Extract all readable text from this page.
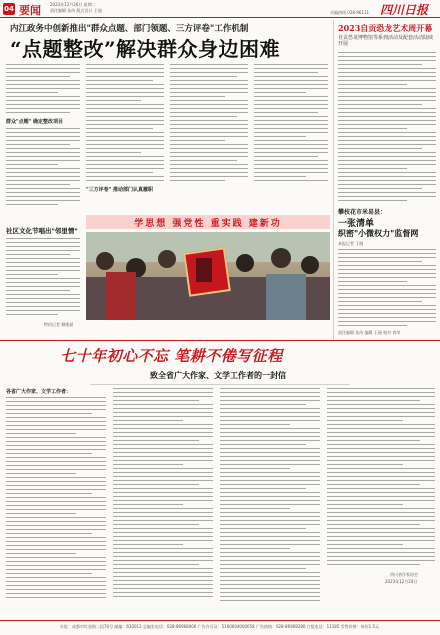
04 要闻 2023年12月26日 星期二
责任编辑 张芮 版式设计 王迪	四川日报
采编热线 028-96111
内江政务中创新推出"群众点题、部门领题、三方评卷"工作机制
“点题整改”解决群众身边困难
群众"点题" 确定整改项目
"三方评卷" 推动部门认真履职
学思想 强党性 重实践 建新功
社区文化节唱出"邻里情"
特约记者 柳维斌
2023自贡恐龙艺术周开幕
自贡恐龙博物馆等系列活动及配套活动陆续开展
攀枝花市米易县：
一张清单
织密"小微权力"监督网
本报记者 王晓
责任编辑 张芮 编辑 王丽 校对 冉荣
七十年初心不忘 笔耕不倦写征程
致全省广大作家、文学工作者的一封信
各省广大作家、文学工作者：
四川省作家协会
2023年12月24日
社址：成都市红星路二段70号 邮编：610012 总编室电话：028-86968000 广告许可证：5100004000058 广告热线：028-86968280 订报电话：11185 零售价格：每份1.5元
